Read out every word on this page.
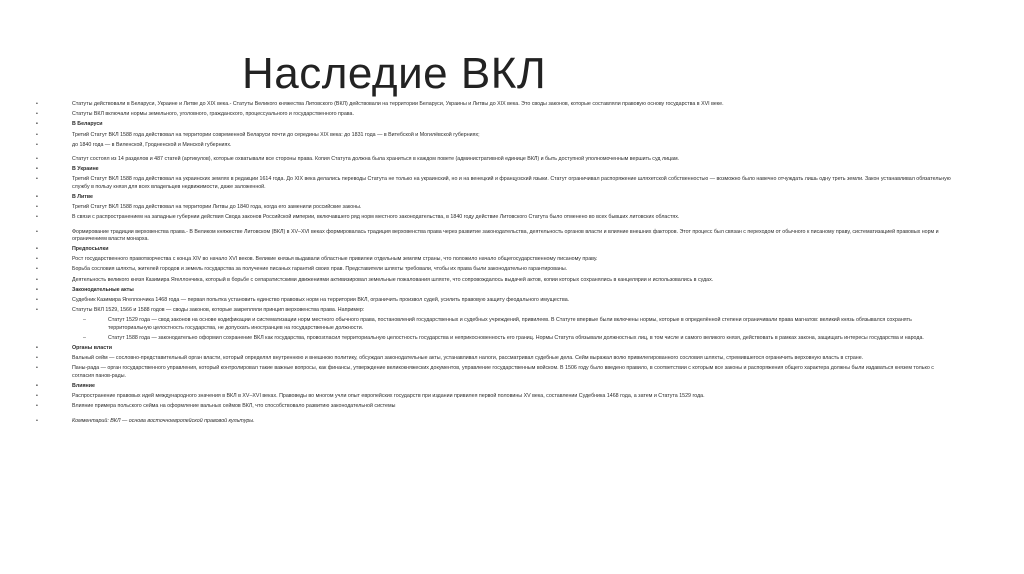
Наследие ВКЛ
•	Статуты действовали в Беларуси, Украине и Литве до XIX века.- Статуты Великого княжества Литовского (ВКЛ) действовали на территории Беларуси, Украины и Литвы до XIX века. Это своды законов, которые составляли правовую основу государства в XVI веке.
•	Статуты ВКЛ включали нормы земельного, уголовного, гражданского, процессуального и государственного права.
•	В Беларуси
•	Третий Статут ВКЛ 1588 года действовал на территории современной Беларуси почти до середины XIX века: до 1831 года — в Витебской и Могилёвской губерниях;
•	до 1840 года — в Виленской, Гродненской и Минской губерниях.
•	Статут состоял из 14 разделов и 487 статей (артикулов), которые охватывали все стороны права. Копия Статута должна была храниться в каждом повете (административной единице ВКЛ) и быть доступной уполномоченным вершить суд лицам.
•	В Украине
•	Третий Статут ВКЛ 1588 года действовал на украинских землях в редакции 1614 года. До XIX века делались переводы Статута не только на украинский, но и на венецкий и французский языки. Статут ограничивал распоряжение шляхетской собственностью — возможно было навечно отчуждать лишь одну треть земли. Закон устанавливал обязательную службу в пользу князя для всех владельцев недвижимости, даже заложенной.
•	В Литве
•	Третий Статут ВКЛ 1588 года действовал на территории Литвы до 1840 года, когда его заменили российские законы.
•	В связи с распространением на западные губернии действия Свода законов Российской империи, включавшего ряд норм местного законодательства, в 1840 году действие Литовского Статута было отменено во всех бывших литовских областях.
•	Формирование традиции верховенства права.- В Великом княжестве Литовском (ВКЛ) в XV–XVI веках формировалась традиция верховенства права через развитие законодательства, деятельность органов власти и влияние внешних факторов. Этот процесс был связан с переходом от обычного к писаному праву, систематизацией правовых норм и ограничением власти монарха.
•	Предпосылки
•	Рост государственного правотворчества с конца XIV во начало XVI веков. Великие князья выдавали областные привилеи отдельным землям страны, что положило начало общегосударственному писаному праву.
•	Борьба сословия шляхты, жителей городов и земель государства за получение писаных гарантий своих прав. Представители шляхты требовали, чтобы их права были законодательно гарантированы.
•	Деятельность великого князя Казимира Ягеллончика, который в борьбе с сепаратистскими движениями активизировал земельные пожалования шляхте, что сопровождалось выдачей актов, копии которых сохранялись в канцелярии и использовались в судах.
•	Законодательные акты
•	Судебник Казимира Ягеллончика 1468 года — первая попытка установить единство правовых норм на территории ВКЛ, ограничить произвол судей, усилить правовую защиту феодального имущества.
•	Статуты ВКЛ 1529, 1566 и 1588 годов — своды законов, которые закрепляли принцип верховенства права. Например:
–	Статут 1529 года — свод законов на основе кодификации и систематизации норм местного обычного права, постановлений государственных и судебных учреждений, привилеев. В Статуте впервые были включены нормы, которые в определённой степени ограничивали права магнатов: великий князь обязывался сохранять территориальную целостность государства, не допускать иностранцев на государственные должности.
–	Статут 1588 года — законодательно оформил сохранение ВКЛ как государства, провозгласил территориальную целостность государства и неприкосновенность его границ. Нормы Статута обязывали должностных лиц, в том числе и самого великого князя, действовать в рамках закона, защищать интересы государства и народа.
•	Органы власти
•	Вальный сейм — сословно-представительный орган власти, который определял внутреннюю и внешнюю политику, обсуждал законодательные акты, устанавливал налоги, рассматривал судебные дела. Сейм выражал волю привилегированного сословия шляхты, стремившегося ограничить верховную власть в стране.
•	Паны-рада — орган государственного управления, который контролировал такие важные вопросы, как финансы, утверждение великокняжеских документов, управление государственным войском. В 1506 году было введено правило, в соответствии с которым все законы и распоряжения общего характера должны были издаваться князем только с согласия панов-рады.
•	Влияние
•	Распространение правовых идей международного значения в ВКЛ в XV–XVI веках. Правоведы во многом учли опыт европейских государств при издании привилея первой половины XV века, составлении Судебника 1468 года, а затем и Статута 1529 года.
•	Влияние примера польского сейма на оформление вальных сеймов ВКЛ, что способствовало развитию законодательной системы
•	Комментарий: ВКЛ — основа восточноевропейской правовой культуры.
